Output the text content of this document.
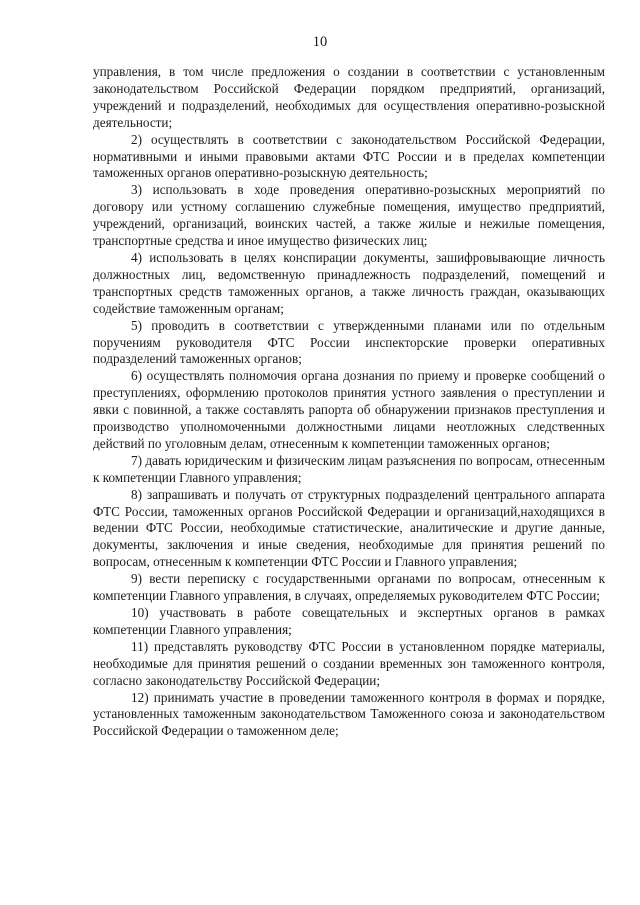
10

управления, в том числе предложения о создании в соответствии с установленным законодательством Российской Федерации порядком предприятий, организаций, учреждений и подразделений, необходимых для осуществления оперативно-розыскной деятельности;

2) осуществлять в соответствии с законодательством Российской Федерации, нормативными и иными правовыми актами ФТС России и в пределах компетенции таможенных органов оперативно-розыскную деятельность;

3) использовать в ходе проведения оперативно-розыскных мероприятий по договору или устному соглашению служебные помещения, имущество предприятий, учреждений, организаций, воинских частей, а также жилые и нежилые помещения, транспортные средства и иное имущество физических лиц;

4) использовать в целях конспирации документы, зашифровывающие личность должностных лиц, ведомственную принадлежность подразделений, помещений и транспортных средств таможенных органов, а также личность граждан, оказывающих содействие таможенным органам;

5) проводить в соответствии с утвержденными планами или по отдельным поручениям руководителя ФТС России инспекторские проверки оперативных подразделений таможенных органов;

6) осуществлять полномочия органа дознания по приему и проверке сообщений о преступлениях, оформлению протоколов принятия устного заявления о преступлении и явки с повинной, а также составлять рапорта об обнаружении признаков преступления и производство уполномоченными должностными лицами неотложных следственных действий по уголовным делам, отнесенным к компетенции таможенных органов;

7) давать юридическим и физическим лицам разъяснения по вопросам, отнесенным к компетенции Главного управления;

8) запрашивать и получать от структурных подразделений центрального аппарата ФТС России, таможенных органов Российской Федерации и организаций,находящихся в ведении ФТС России, необходимые статистические, аналитические и другие данные, документы, заключения и иные сведения, необходимые для принятия решений по вопросам, отнесенным к компетенции ФТС России и Главного управления;

9) вести переписку с государственными органами по вопросам, отнесенным к компетенции Главного управления, в случаях, определяемых руководителем ФТС России;

10) участвовать в работе совещательных и экспертных органов в рамках компетенции Главного управления;

11) представлять руководству ФТС России в установленном порядке материалы, необходимые для принятия решений о создании временных зон таможенного контроля, согласно законодательству Российской Федерации;

12) принимать участие в проведении таможенного контроля в формах и порядке, установленных таможенным законодательством Таможенного союза и законодательством Российской Федерации о таможенном деле;
